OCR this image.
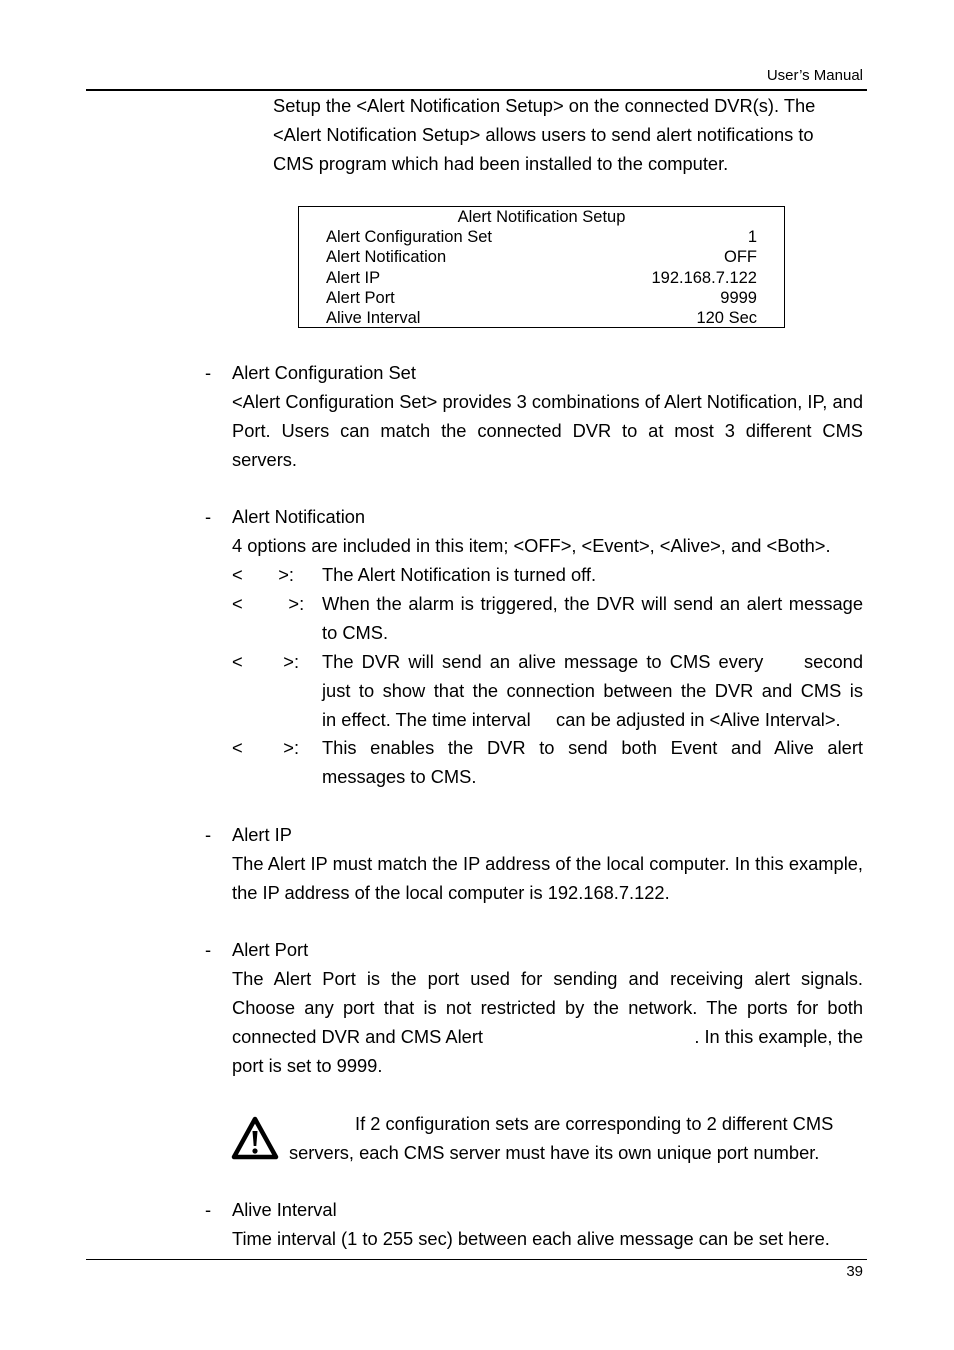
User’s Manual
Setup the <Alert Notification Setup> on the connected DVR(s). The
<Alert Notification Setup> allows users to send alert notifications to
CMS program which had been installed to the computer.
Alert Notification Setup
Alert Configuration Set	1
Alert Notification	OFF
Alert IP	192.168.7.122
Alert Port	9999
Alive Interval	120 Sec
- Alert Configuration Set
<Alert Configuration Set> provides 3 combinations of Alert Notification, IP, and Port. Users can match the connected DVR to at most 3 different CMS servers.
- Alert Notification
4 options are included in this item; <OFF>, <Event>, <Alive>, and <Both>.
<       >: The Alert Notification is turned off.
<         >: When the alarm is triggered, the DVR will send an alert message to CMS.
<        >: The DVR will send an alive message to CMS every     second
just to show that the connection between the DVR and CMS is
in effect. The time interval     can be adjusted in <Alive Interval>.
<        >: This enables the DVR to send both Event and Alive alert messages to CMS.
- Alert IP
The Alert IP must match the IP address of the local computer. In this example, the IP address of the local computer is 192.168.7.122.
- Alert Port
The Alert Port is the port used for sending and receiving alert signals.
Choose any port that is not restricted by the network. The ports for both
connected DVR and CMS Alert	. In this example, the
port is set to 9999.
If 2 configuration sets are corresponding to 2 different CMS
servers, each CMS server must have its own unique port number.
- Alive Interval
Time interval (1 to 255 sec) between each alive message can be set here.
39
